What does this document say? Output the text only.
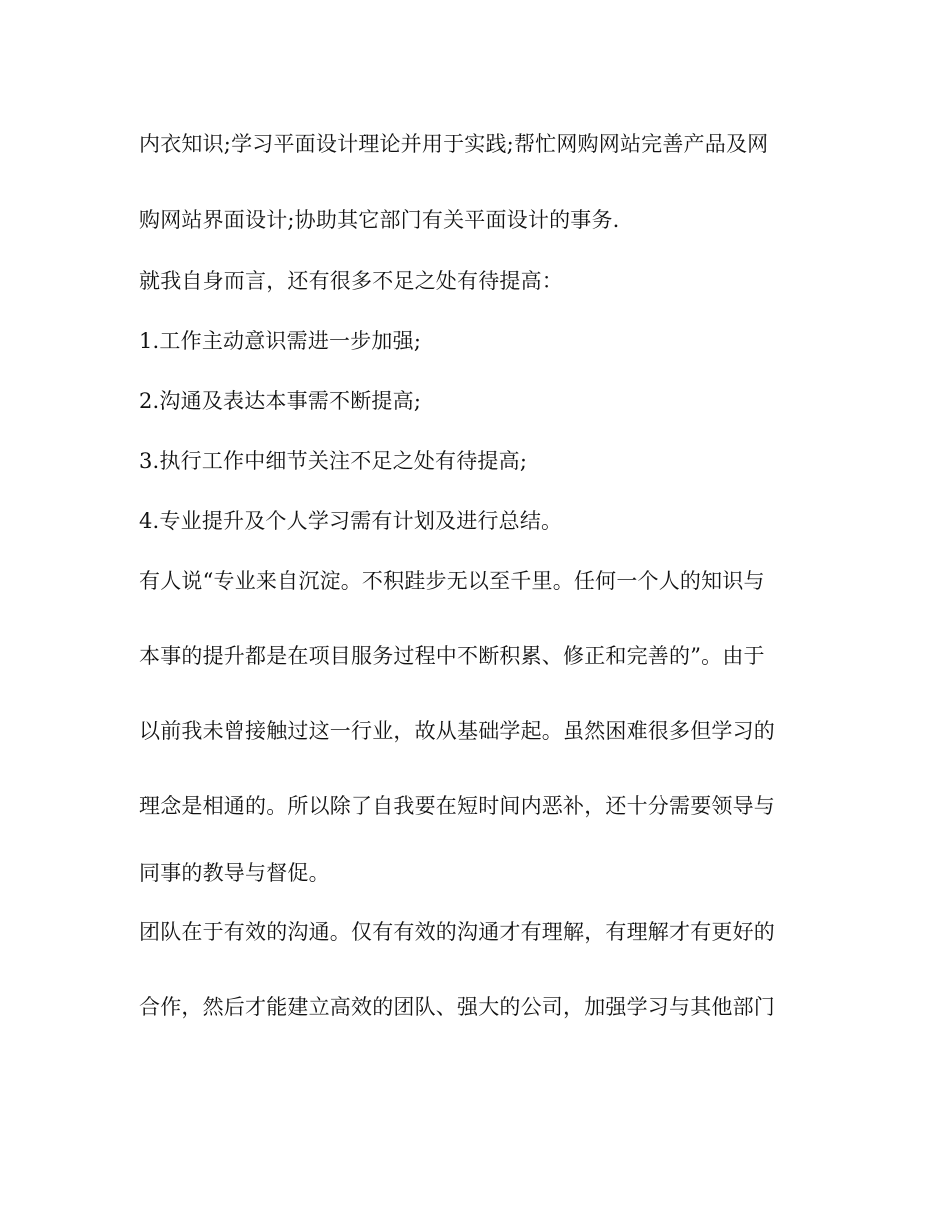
内衣知识;学习平面设计理论并用于实践;帮忙网购网站完善产品及网
购网站界面设计;协助其它部门有关平面设计的事务.
就我自身而言，还有很多不足之处有待提高：
1.工作主动意识需进一步加强;
2.沟通及表达本事需不断提高;
3.执行工作中细节关注不足之处有待提高;
4.专业提升及个人学习需有计划及进行总结。
有人说“专业来自沉淀。不积跬步无以至千里。任何一个人的知识与
本事的提升都是在项目服务过程中不断积累、修正和完善的”。由于
以前我未曾接触过这一行业，故从基础学起。虽然困难很多但学习的
理念是相通的。所以除了自我要在短时间内恶补，还十分需要领导与
同事的教导与督促。
团队在于有效的沟通。仅有有效的沟通才有理解，有理解才有更好的
合作，然后才能建立高效的团队、强大的公司，加强学习与其他部门
